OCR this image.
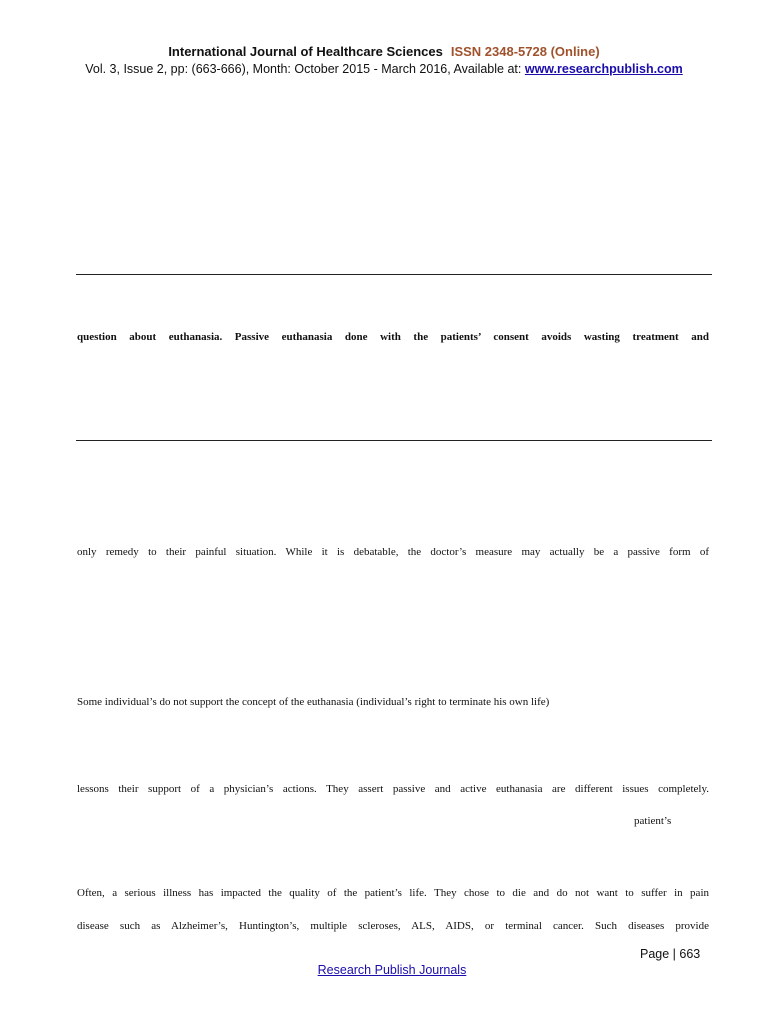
International Journal of Healthcare Sciences ISSN 2348-5728 (Online)
Vol. 3, Issue 2, pp: (663-666), Month: October 2015 - March 2016, Available at: www.researchpublish.com
question about euthanasia. Passive euthanasia done with the patients’ consent avoids wasting treatment and
only remedy to their painful situation. While it is debatable, the doctor’s measure may actually be a passive form of
Some individual’s do not support the concept of the euthanasia (individual’s right to terminate his own life)
lessons their support of a physician’s actions. They assert passive and active euthanasia are different issues completely.
patient’s
Often, a serious illness has impacted the quality of the patient’s life. They chose to die and do not want to suffer in pain
disease such as Alzheimer’s, Huntington’s, multiple scleroses, ALS, AIDS, or terminal cancer. Such diseases provide
Page | 663
Research Publish Journals
